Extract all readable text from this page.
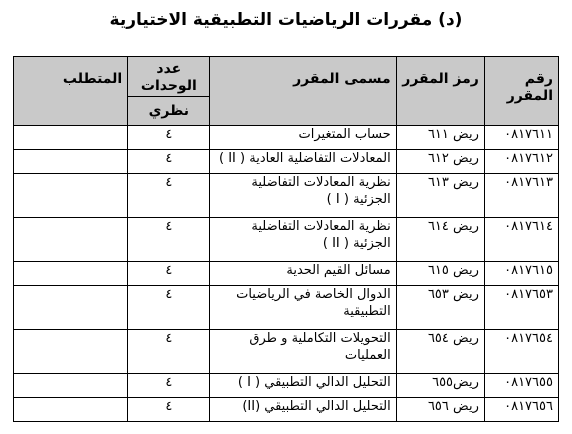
(د) مقررات الرياضيات التطبيقية الاختيارية
رقم المقرر	رمز المقرر	مسمى المقرر	عدد الوحدات	المتطلب
			نظري	
٠٨١٧٦١١	ريض ٦١١	حساب المتغيرات	٤	
٠٨١٧٦١٢	ريض ٦١٢	المعادلات التفاضلية العادية ( II )	٤	
٠٨١٧٦١٣	ريض ٦١٣	نظرية المعادلات التفاضلية الجزئية ( I )	٤	
٠٨١٧٦١٤	ريض ٦١٤	نظرية المعادلات التفاضلية الجزئية ( II )	٤	
٠٨١٧٦١٥	ريض ٦١٥	مسائل القيم الحدية	٤	
٠٨١٧٦٥٣	ريض ٦٥٣	الدوال الخاصة في الرياضيات التطبيقية	٤	
٠٨١٧٦٥٤	ريض ٦٥٤	التحويلات التكاملية و طرق العمليات	٤	
٠٨١٧٦٥٥	ريض٦٥٥	التحليل الدالي التطبيقي ( I )	٤	
٠٨١٧٦٥٦	ريض ٦٥٦	التحليل الدالي التطبيقي (II)	٤	
